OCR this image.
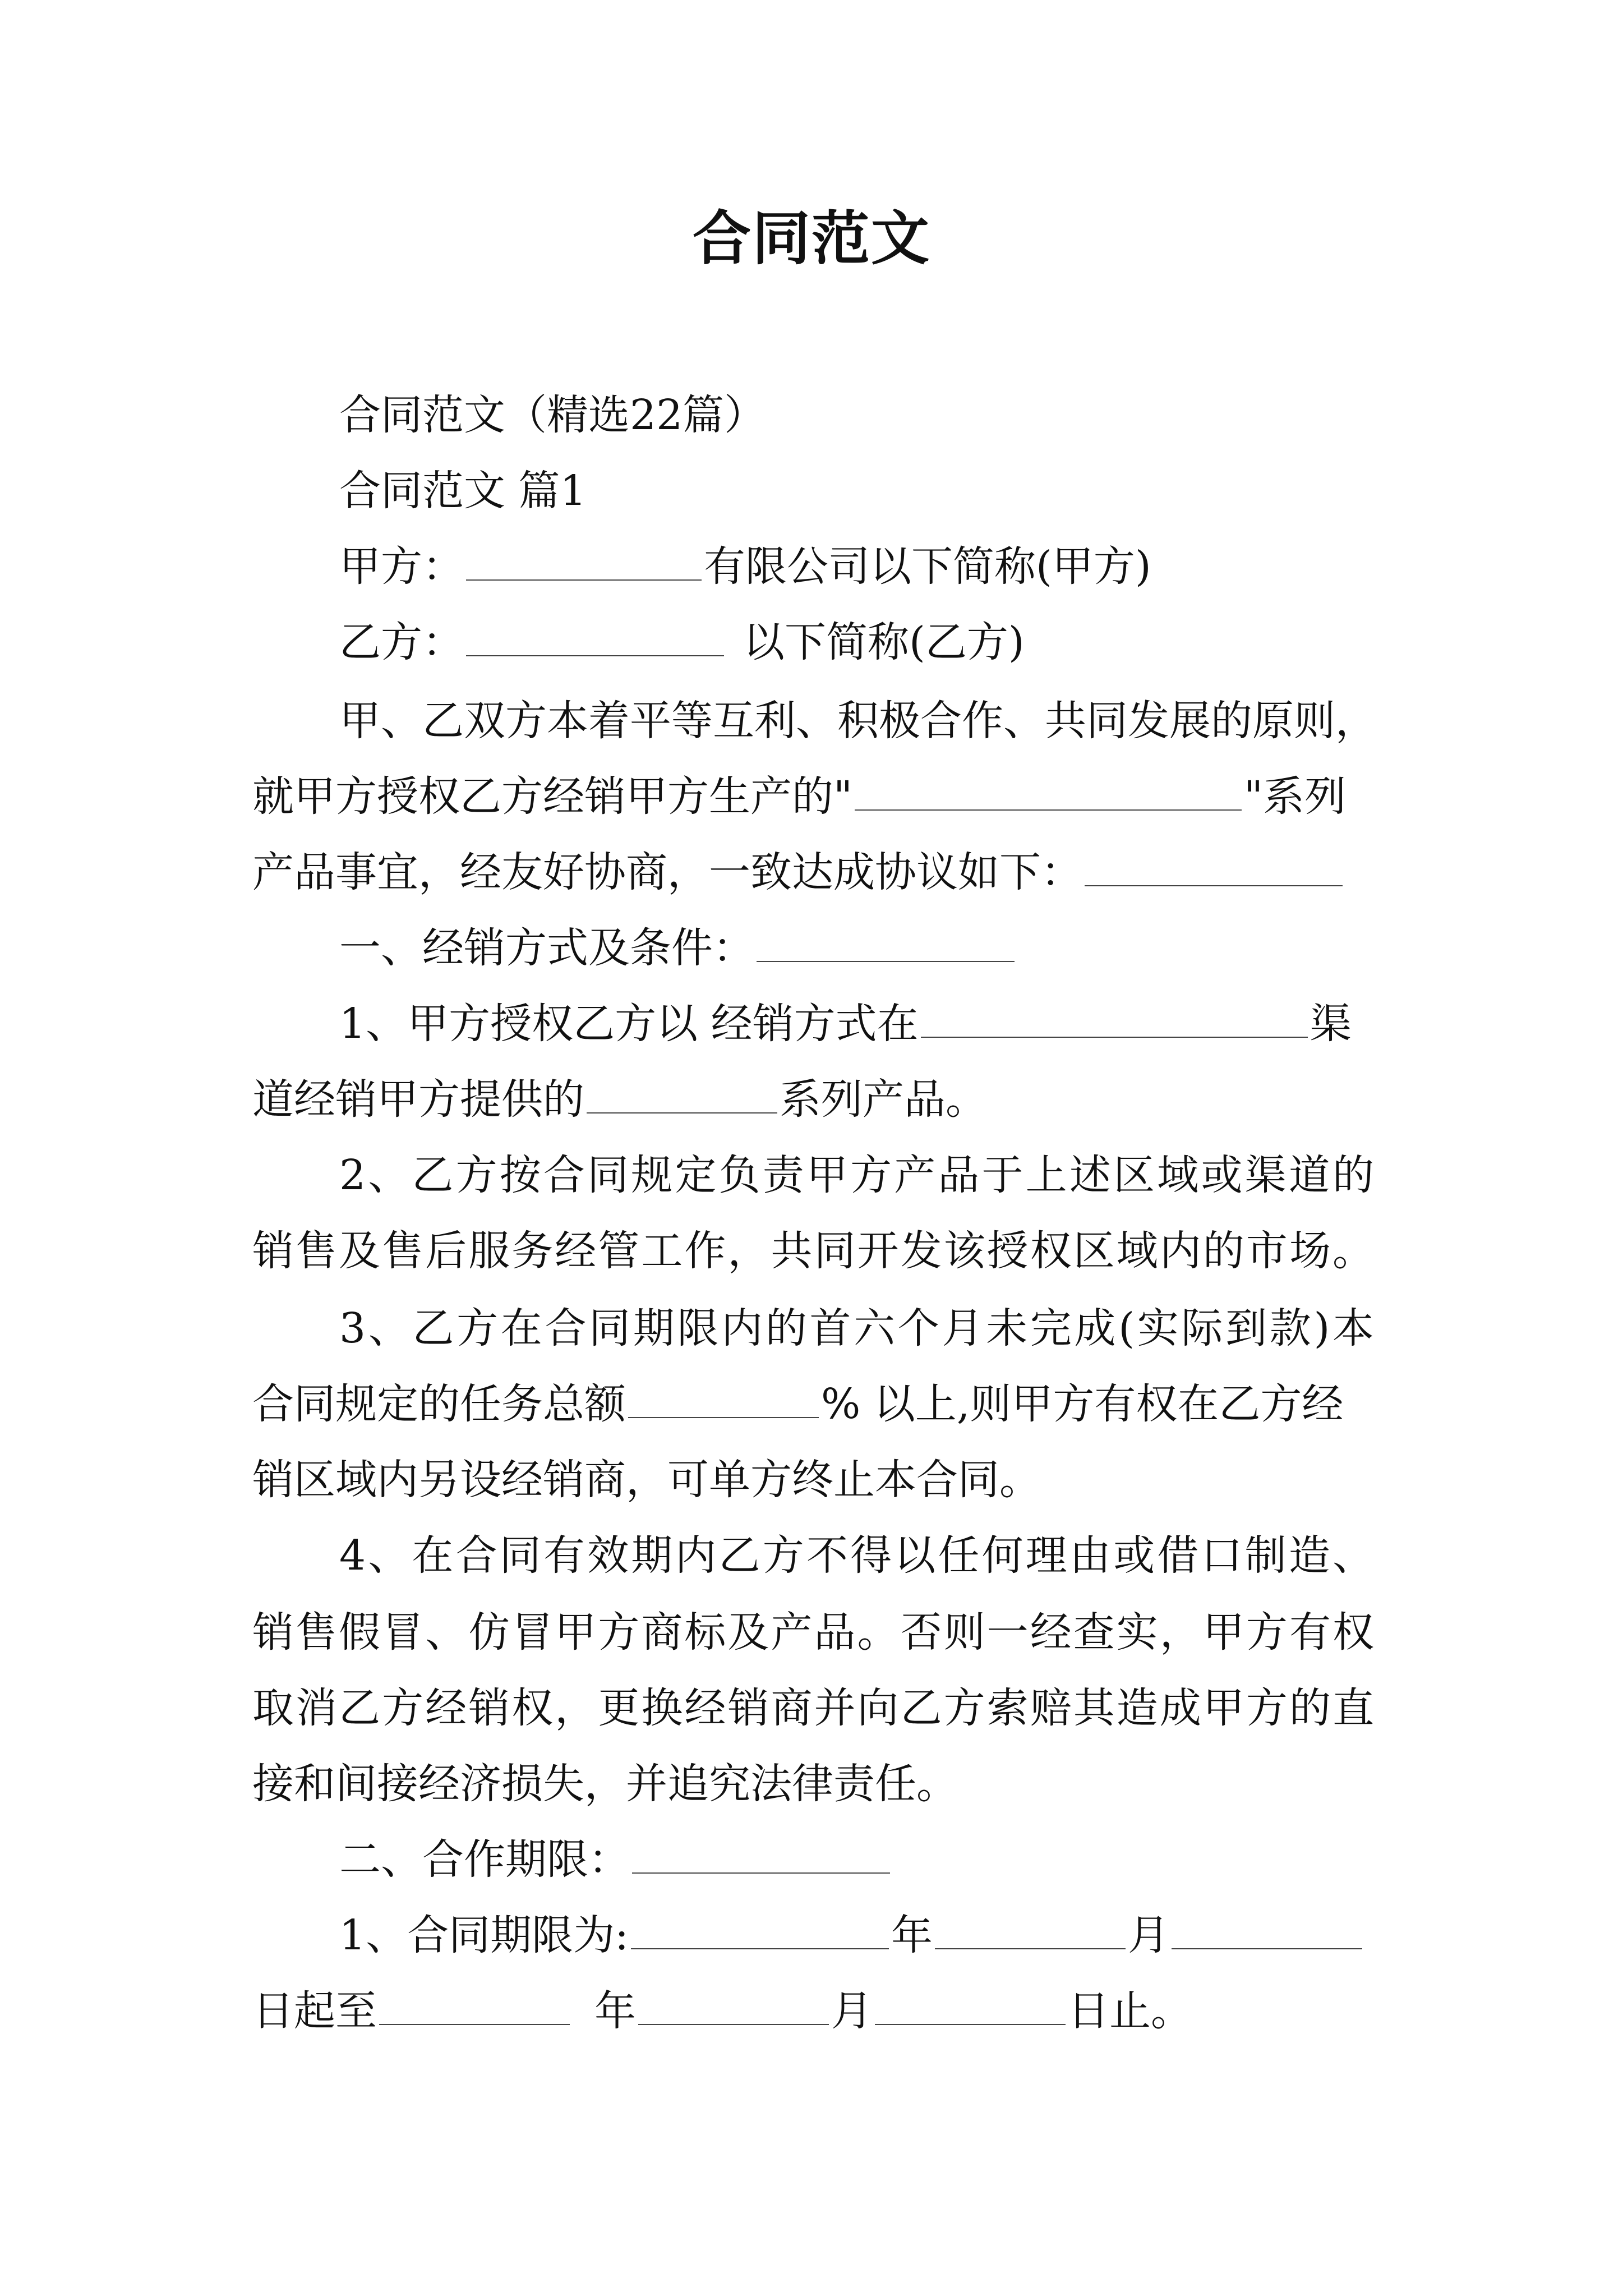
合同范文
合同范文（精选22篇）
合同范文 篇1
甲方：	有限公司以下简称(甲方)
乙方：	以下简称(乙方)
甲、乙双方本着平等互利、积极合作、共同发展的原则，
就甲方授权乙方经销甲方生产的"	"系列
产品事宜，经友好协商，一致达成协议如下：
一、经销方式及条件：
1、甲方授权乙方以 经销方式在	渠
道经销甲方提供的	系列产品。
2、乙方按合同规定负责甲方产品于上述区域或渠道的
销售及售后服务经管工作，共同开发该授权区域内的市场。
3、乙方在合同期限内的首六个月未完成(实际到款)本
合同规定的任务总额	% 以上,则甲方有权在乙方经
销区域内另设经销商，可单方终止本合同。
4、在合同有效期内乙方不得以任何理由或借口制造、
销售假冒、仿冒甲方商标及产品。否则一经查实，甲方有权
取消乙方经销权，更换经销商并向乙方索赔其造成甲方的直
接和间接经济损失，并追究法律责任。
二、合作期限：
1、合同期限为:	年	月
日起至	年	月	日止。
